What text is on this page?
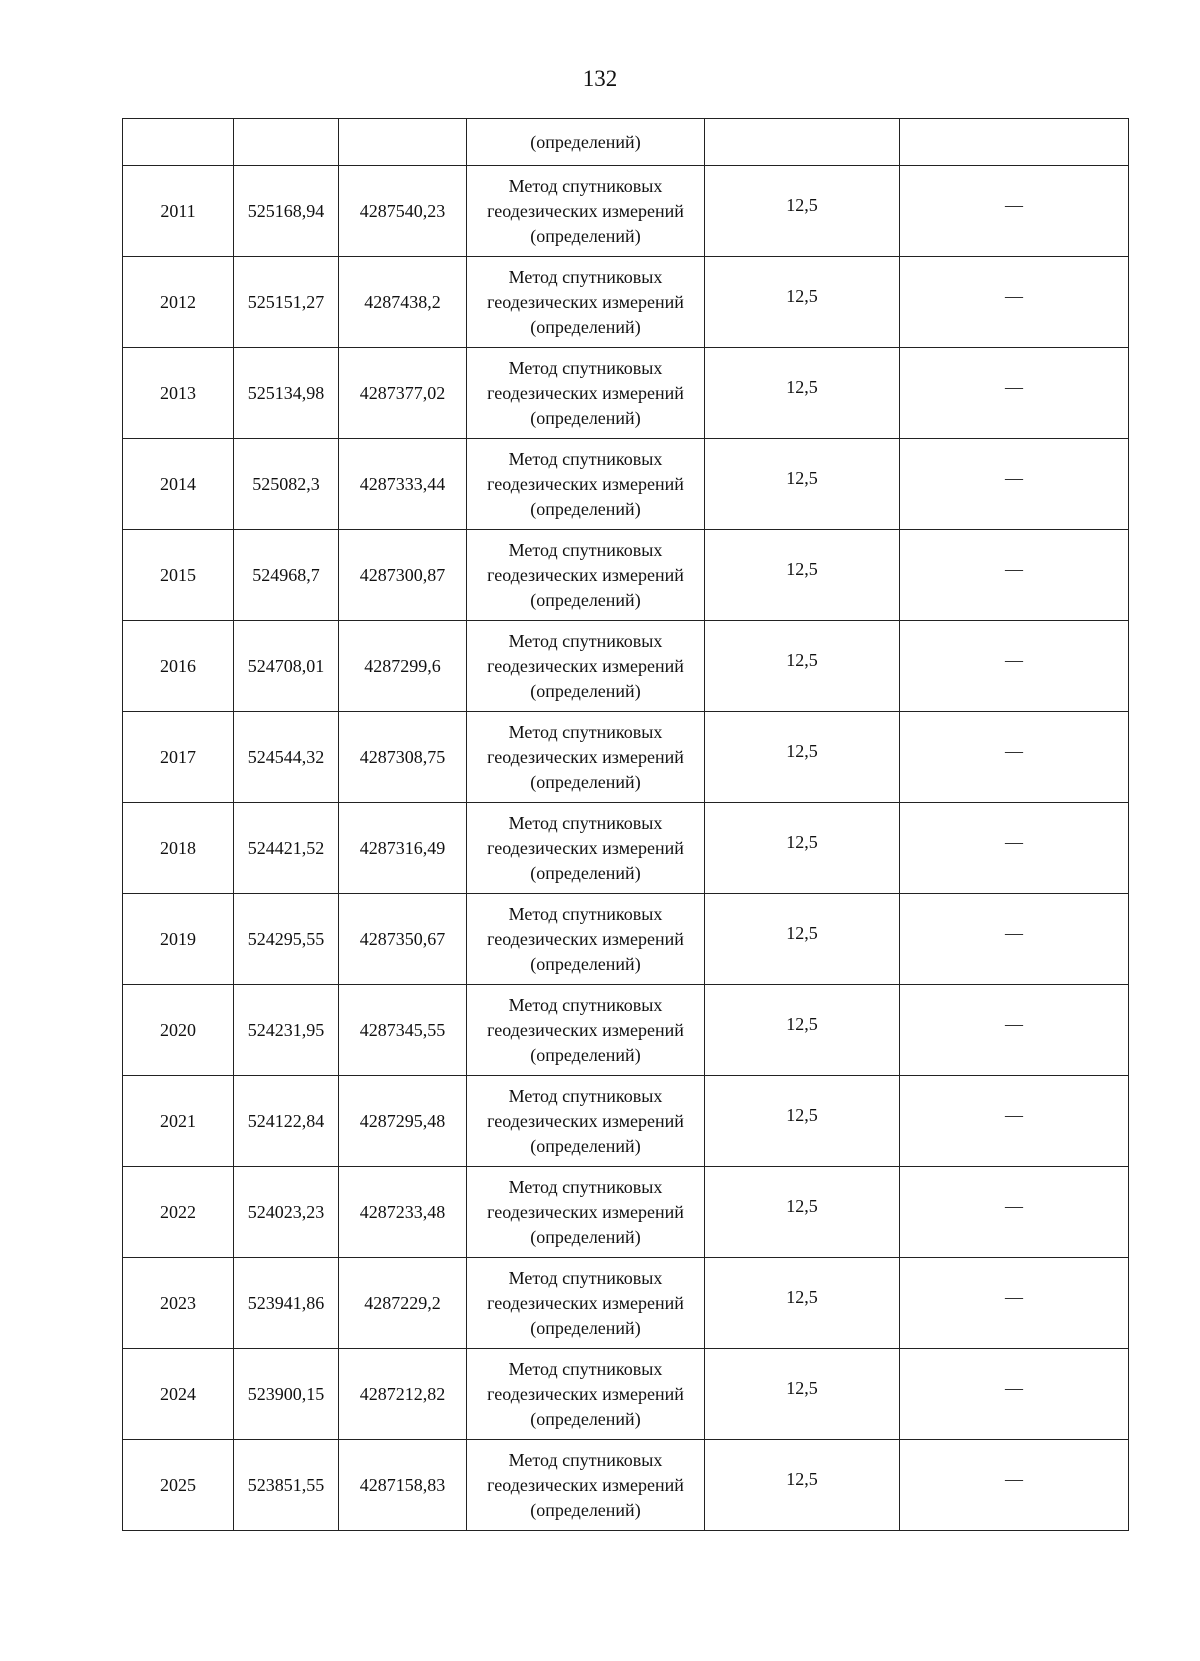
132
			(определений)		
2011	525168,94	4287540,23	Метод спутниковых
геодезических измерений
(определений)	12,5	—
2012	525151,27	4287438,2	Метод спутниковых
геодезических измерений
(определений)	12,5	—
2013	525134,98	4287377,02	Метод спутниковых
геодезических измерений
(определений)	12,5	—
2014	525082,3	4287333,44	Метод спутниковых
геодезических измерений
(определений)	12,5	—
2015	524968,7	4287300,87	Метод спутниковых
геодезических измерений
(определений)	12,5	—
2016	524708,01	4287299,6	Метод спутниковых
геодезических измерений
(определений)	12,5	—
2017	524544,32	4287308,75	Метод спутниковых
геодезических измерений
(определений)	12,5	—
2018	524421,52	4287316,49	Метод спутниковых
геодезических измерений
(определений)	12,5	—
2019	524295,55	4287350,67	Метод спутниковых
геодезических измерений
(определений)	12,5	—
2020	524231,95	4287345,55	Метод спутниковых
геодезических измерений
(определений)	12,5	—
2021	524122,84	4287295,48	Метод спутниковых
геодезических измерений
(определений)	12,5	—
2022	524023,23	4287233,48	Метод спутниковых
геодезических измерений
(определений)	12,5	—
2023	523941,86	4287229,2	Метод спутниковых
геодезических измерений
(определений)	12,5	—
2024	523900,15	4287212,82	Метод спутниковых
геодезических измерений
(определений)	12,5	—
2025	523851,55	4287158,83	Метод спутниковых
геодезических измерений
(определений)	12,5	—
